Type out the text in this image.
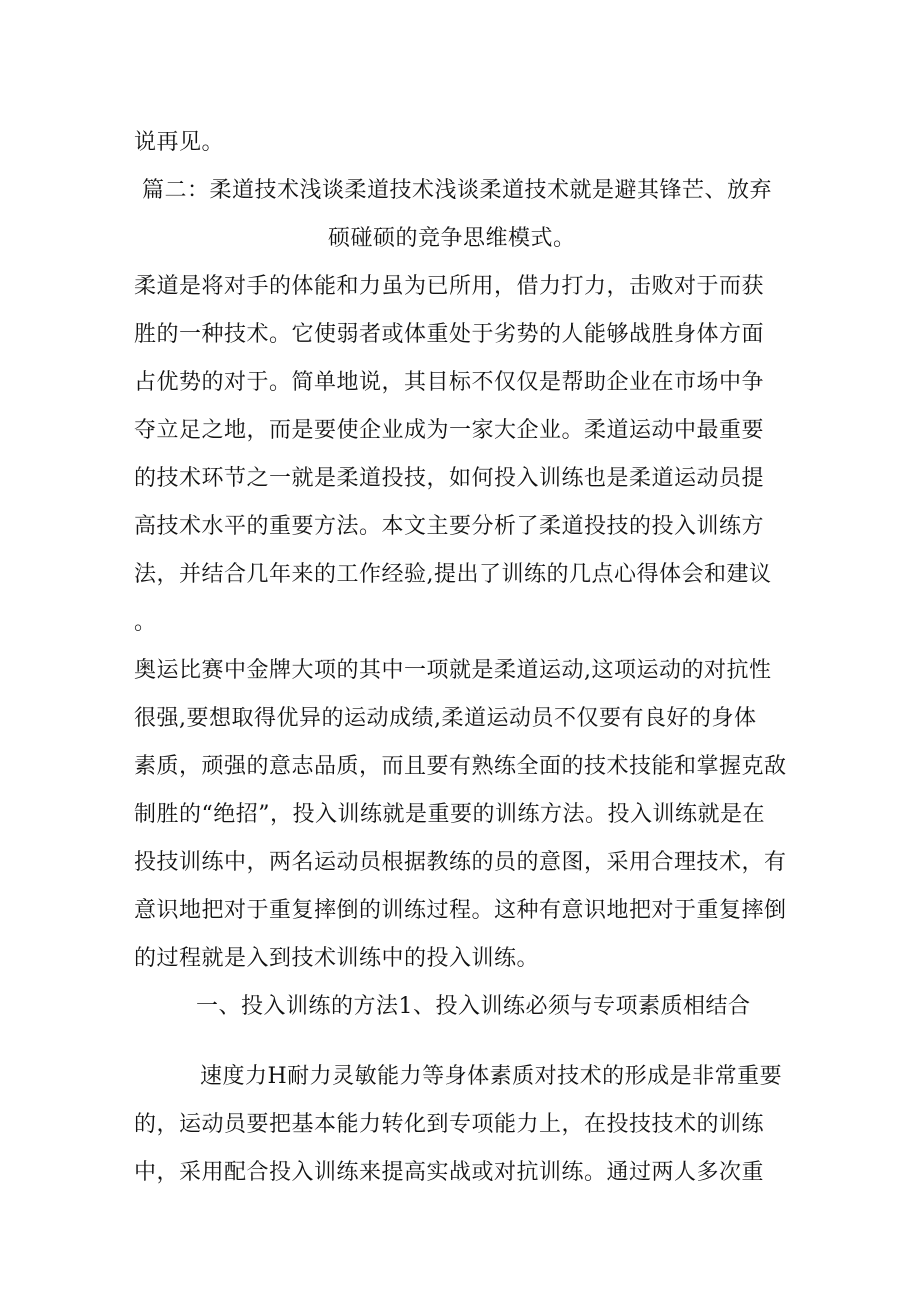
说再见。
篇二：柔道技术浅谈柔道技术浅谈柔道技术就是避其锋芒、放弃
硕碰硕的竞争思维模式。
柔道是将对手的体能和力虽为已所用，借力打力，击败对于而获
胜的一种技术。它使弱者或体重处于劣势的人能够战胜身体方面
占优势的对于。简单地说，其目标不仅仅是帮助企业在市场中争
夺立足之地，而是要使企业成为一家大企业。柔道运动中最重要
的技术环节之一就是柔道投技，如何投入训练也是柔道运动员提
高技术水平的重要方法。本文主要分析了柔道投技的投入训练方
法，并结合几年来的工作经验,提出了训练的几点心得体会和建议
。
奥运比赛中金牌大项的其中一项就是柔道运动,这项运动的对抗性
很强,要想取得优异的运动成绩,柔道运动员不仅要有良好的身体
素质，顽强的意志品质，而且要有熟练全面的技术技能和掌握克敌
制胜的“绝招”，投入训练就是重要的训练方法。投入训练就是在
投技训练中，两名运动员根据教练的员的意图，采用合理技术，有
意识地把对于重复摔倒的训练过程。这种有意识地把对于重复摔倒
的过程就是入到技术训练中的投入训练。
一、投入训练的方法1、投入训练必须与专项素质相结合
速度力H耐力灵敏能力等身体素质对技术的形成是非常重要
的，运动员要把基本能力转化到专项能力上，在投技技术的训练
中，采用配合投入训练来提高实战或对抗训练。通过两人多次重
